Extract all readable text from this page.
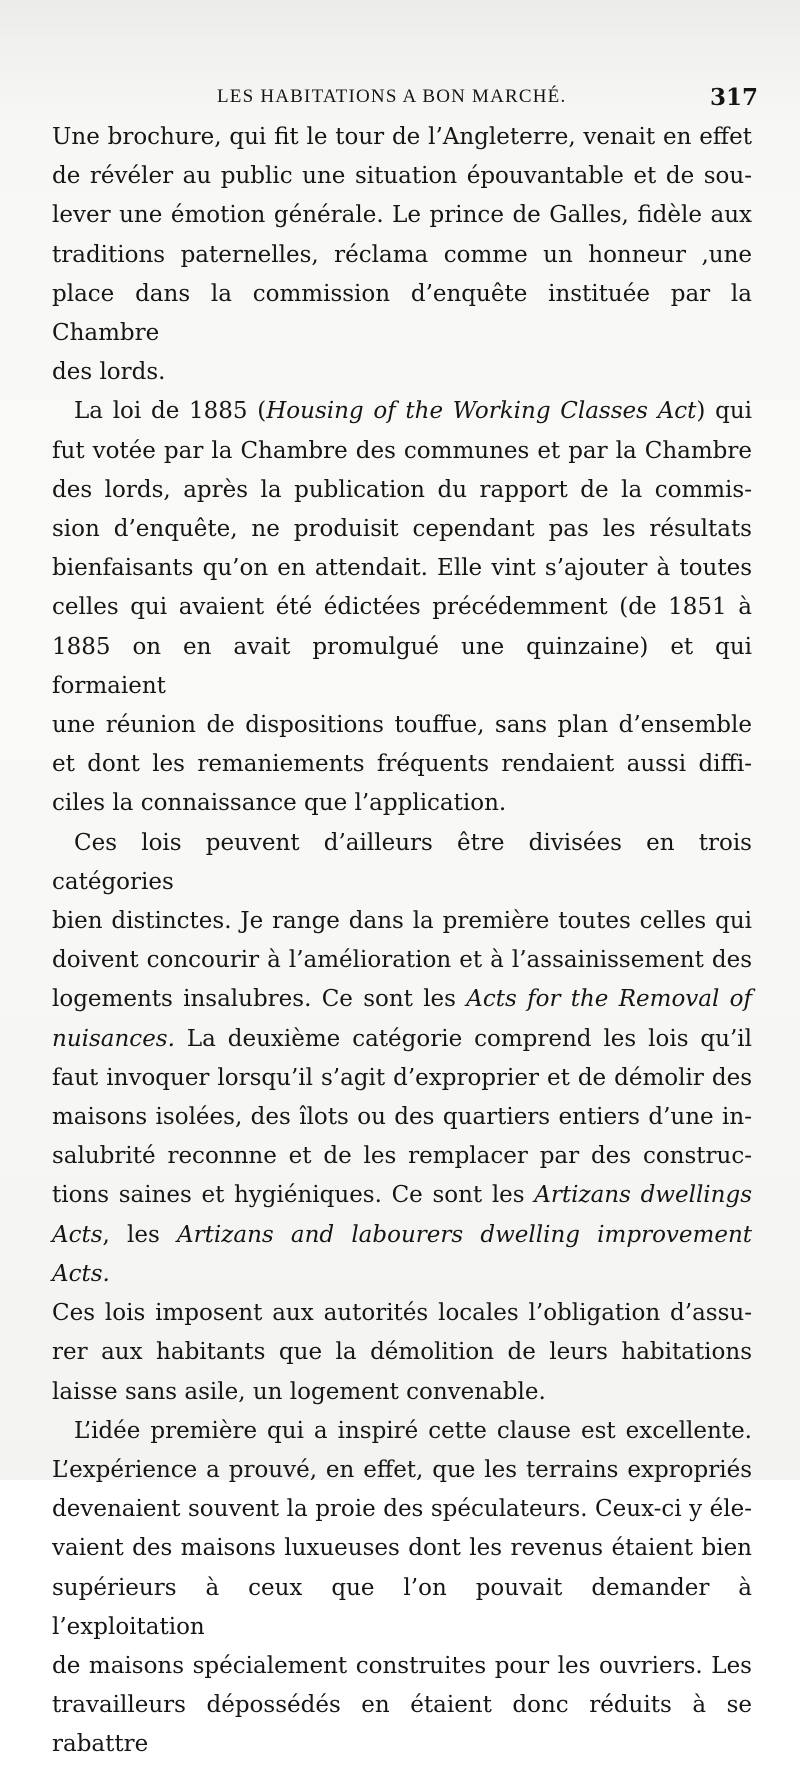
LES HABITATIONS A BON MARCHÉ.	317

Une brochure, qui fit le tour de l’Angleterre, venait en effet

de révéler au public une situation épouvantable et de sou-

lever une émotion générale. Le prince de Galles, fidèle aux

traditions paternelles, réclama comme un honneur ,une

place dans la commission d’enquête instituée par la Chambre

des lords.

La loi de 1885 (Housing of the Working Classes Act) qui

fut votée par la Chambre des communes et par la Chambre

des lords, après la publication du rapport de la commis-

sion d’enquête, ne produisit cependant pas les résultats

bienfaisants qu’on en attendait. Elle vint s’ajouter à toutes

celles qui avaient été édictées précédemment (de 1851 à

1885 on en avait promulgué une quinzaine) et qui formaient

une réunion de dispositions touffue, sans plan d’ensemble

et dont les remaniements fréquents rendaient aussi diffi-

ciles la connaissance que l’application.

Ces lois peuvent d’ailleurs être divisées en trois catégories

bien distinctes. Je range dans la première toutes celles qui

doivent concourir à l’amélioration et à l’assainissement des

logements insalubres. Ce sont les Acts for the Removal of

nuisances. La deuxième catégorie comprend les lois qu’il

faut invoquer lorsqu’il s’agit d’exproprier et de démolir des

maisons isolées, des îlots ou des quartiers entiers d’une in-

salubrité reconnne et de les remplacer par des construc-

tions saines et hygiéniques. Ce sont les Artizans dwellings

Acts, les Artizans and labourers dwelling improvement Acts.

Ces lois imposent aux autorités locales l’obligation d’assu-

rer aux habitants que la démolition de leurs habitations

laisse sans asile, un logement convenable.

L’idée première qui a inspiré cette clause est excellente.

L’expérience a prouvé, en effet, que les terrains expropriés

devenaient souvent la proie des spéculateurs. Ceux-ci y éle-

vaient des maisons luxueuses dont les revenus étaient bien

supérieurs à ceux que l’on pouvait demander à l’exploitation

de maisons spécialement construites pour les ouvriers. Les

travailleurs dépossédés en étaient donc réduits à se rabattre
